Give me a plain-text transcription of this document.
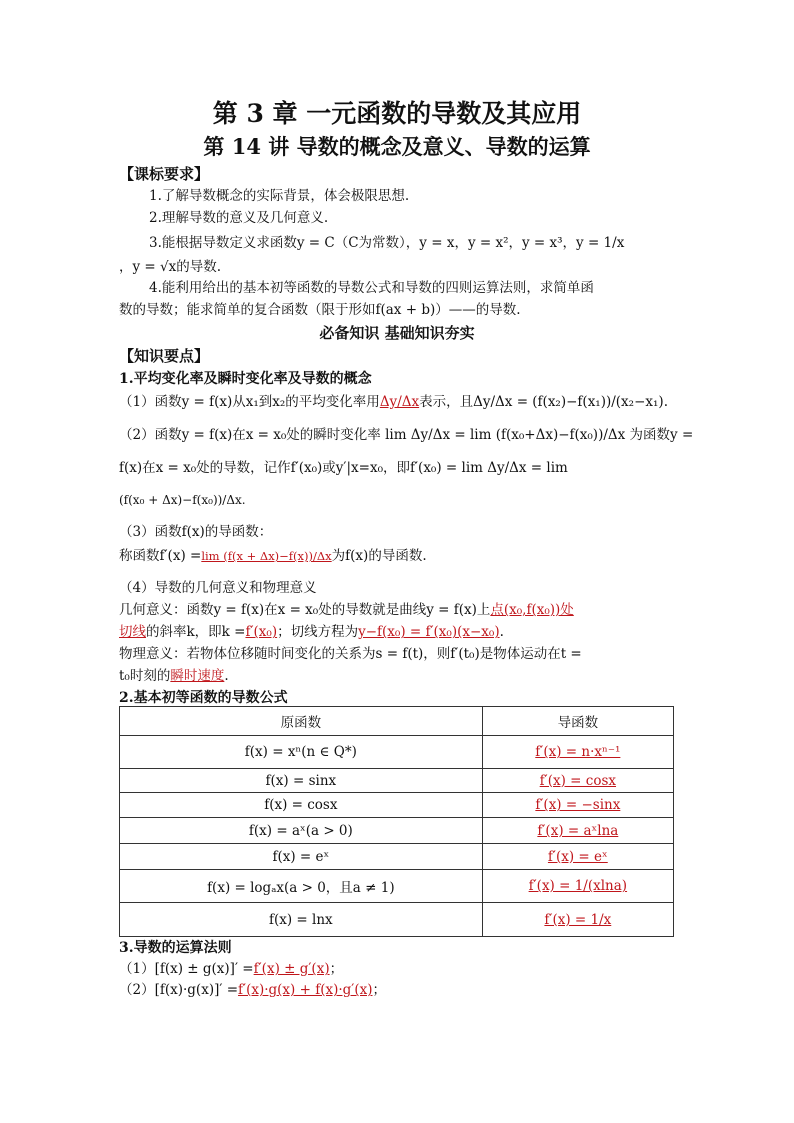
第 3 章 一元函数的导数及其应用
第 14 讲 导数的概念及意义、导数的运算
【课标要求】
1.了解导数概念的实际背景，体会极限思想.
2.理解导数的意义及几何意义.
3.能根据导数定义求函数y = C（C为常数），y = x，y = x²，y = x³，y = 1/x
，y = √x的导数.
4.能利用给出的基本初等函数的导数公式和导数的四则运算法则，求简单函
数的导数；能求简单的复合函数（限于形如f(ax + b)）——的导数.
必备知识 基础知识夯实
【知识要点】
1.平均变化率及瞬时变化率及导数的概念
（1）函数y = f(x)从x₁到x₂的平均变化率用Δy/Δx表示，且Δy/Δx = (f(x₂)−f(x₁))/(x₂−x₁).
（2）函数y = f(x)在x = x₀处的瞬时变化率 lim Δy/Δx = lim (f(x₀+Δx)−f(x₀))/Δx 为函数y =
f(x)在x = x₀处的导数，记作f′(x₀)或y′|x=x₀，即f′(x₀) = lim Δy/Δx = lim
(f(x₀ + Δx)−f(x₀))/Δx.
（3）函数f(x)的导函数：
称函数f′(x) =lim (f(x + Δx)−f(x))/Δx为f(x)的导函数.
（4）导数的几何意义和物理意义
几何意义：函数y = f(x)在x = x₀处的导数就是曲线y = f(x)上点(x₀,f(x₀))处
切线的斜率k，即k =f′(x₀)；切线方程为y−f(x₀) = f′(x₀)(x−x₀).
物理意义：若物体位移随时间变化的关系为s = f(t)，则f′(t₀)是物体运动在t =
t₀时刻的瞬时速度.
2.基本初等函数的导数公式
原函数	导函数
f(x) = xⁿ(n ∈ Q*)	f′(x) = n·xⁿ⁻¹
f(x) = sinx	f′(x) = cosx
f(x) = cosx	f′(x) = −sinx
f(x) = aˣ(a > 0)	f′(x) = aˣlna
f(x) = eˣ	f′(x) = eˣ
f(x) = logₐx(a > 0，且a ≠ 1)	f′(x) = 1/(xlna)
f(x) = lnx	f′(x) = 1/x
3.导数的运算法则
（1）[f(x) ± g(x)]′ =f′(x) ± g′(x)；
（2）[f(x)·g(x)]′ =f′(x)·g(x) + f(x)·g′(x)；
